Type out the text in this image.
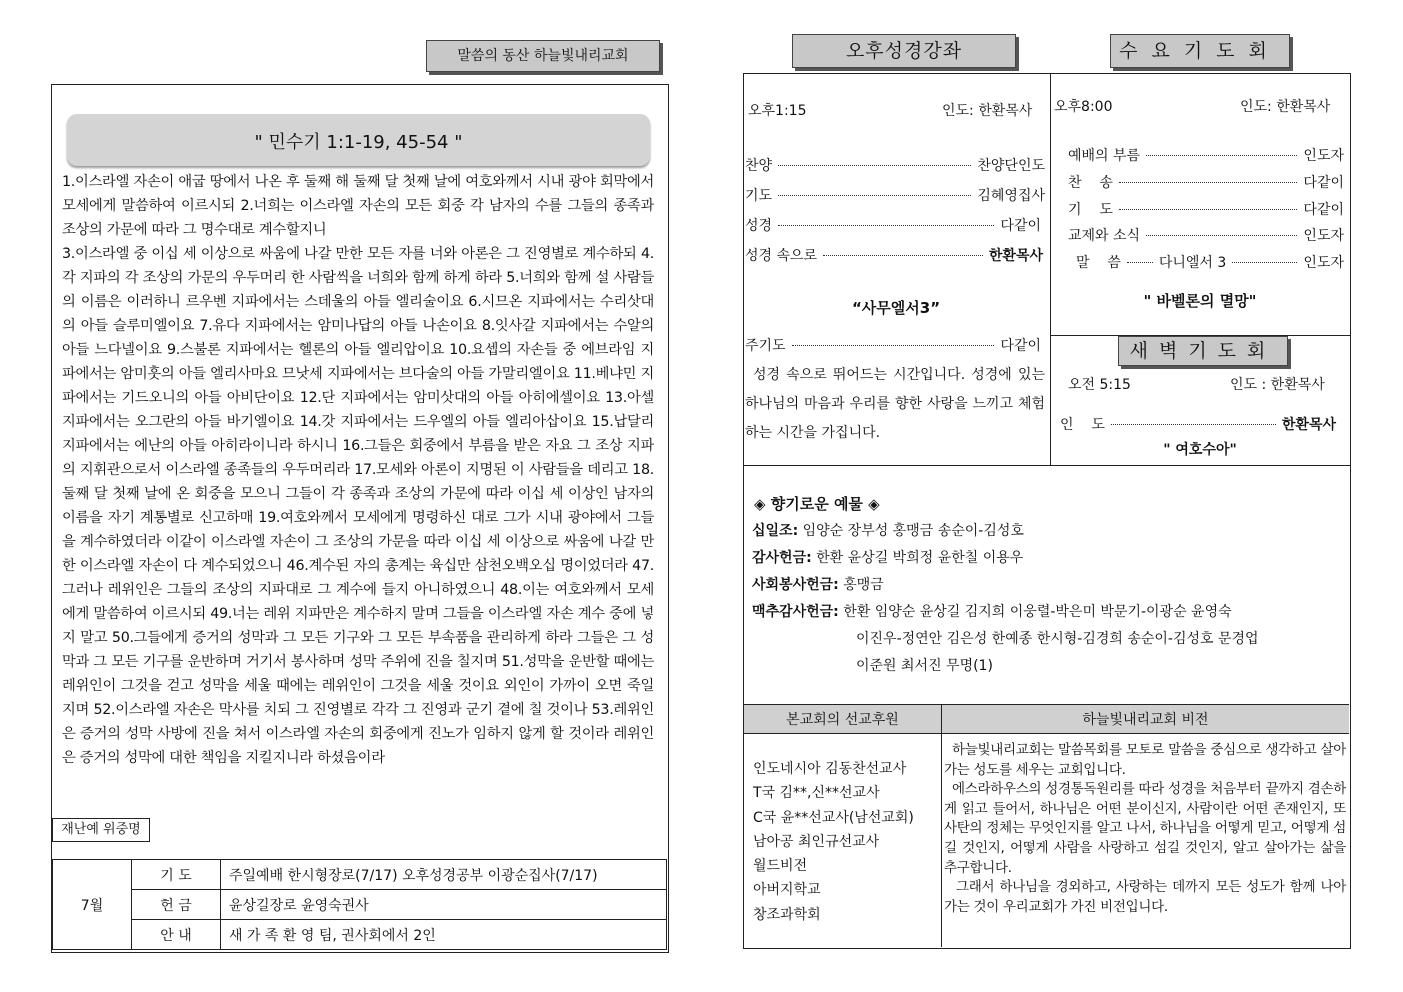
말씀의 동산 하늘빛내리교회
" 민수기 1:1-19, 45-54 "

1.이스라엘 자손이 애굽 땅에서 나온 후 둘째 해 둘째 달 첫째 날에 여호와께서 시내 광야 회막에서 모세에게 말씀하여 이르시되 2.너희는 이스라엘 자손의 모든 회중 각 남자의 수를 그들의 종족과 조상의 가문에 따라 그 명수대로 계수할지니

3.이스라엘 중 이십 세 이상으로 싸움에 나갈 만한 모든 자를 너와 아론은 그 진영별로 계수하되 4.각 지파의 각 조상의 가문의 우두머리 한 사람씩을 너희와 함께 하게 하라 5.너희와 함께 설 사람들의 이름은 이러하니 르우벤 지파에서는 스데울의 아들 엘리술이요 6.시므온 지파에서는 수리삿대의 아들 슬루미엘이요 7.유다 지파에서는 암미나답의 아들 나손이요 8.잇사갈 지파에서는 수알의 아들 느다넬이요 9.스불론 지파에서는 헬론의 아들 엘리압이요 10.요셉의 자손들 중 에브라임 지파에서는 암미훗의 아들 엘리사마요 므낫세 지파에서는 브다술의 아들 가말리엘이요 11.베냐민 지파에서는 기드오니의 아들 아비단이요 12.단 지파에서는 암미삿대의 아들 아히에셀이요 13.아셀 지파에서는 오그란의 아들 바기엘이요 14.갓 지파에서는 드우엘의 아들 엘리아삽이요 15.납달리 지파에서는 에난의 아들 아히라이니라 하시니 16.그들은 회중에서 부름을 받은 자요 그 조상 지파의 지휘관으로서 이스라엘 종족들의 우두머리라 17.모세와 아론이 지명된 이 사람들을 데리고 18.둘째 달 첫째 날에 온 회중을 모으니 그들이 각 종족과 조상의 가문에 따라 이십 세 이상인 남자의 이름을 자기 계통별로 신고하매 19.여호와께서 모세에게 명령하신 대로 그가 시내 광야에서 그들을 계수하였더라 이같이 이스라엘 자손이 그 조상의 가문을 따라 이십 세 이상으로 싸움에 나갈 만한 이스라엘 자손이 다 계수되었으니 46.계수된 자의 총계는 육십만 삼천오백오십 명이었더라 47.그러나 레위인은 그들의 조상의 지파대로 그 계수에 들지 아니하였으니 48.이는 여호와께서 모세에게 말씀하여 이르시되 49.너는 레위 지파만은 계수하지 말며 그들을 이스라엘 자손 계수 중에 넣지 말고 50.그들에게 증거의 성막과 그 모든 기구와 그 모든 부속품을 관리하게 하라 그들은 그 성막과 그 모든 기구를 운반하며 거기서 봉사하며 성막 주위에 진을 칠지며 51.성막을 운반할 때에는 레위인이 그것을 걷고 성막을 세울 때에는 레위인이 그것을 세울 것이요 외인이 가까이 오면 죽일지며 52.이스라엘 자손은 막사를 치되 그 진영별로 각각 그 진영과 군기 곁에 칠 것이나 53.레위인은 증거의 성막 사방에 진을 쳐서 이스라엘 자손의 회중에게 진노가 임하지 않게 할 것이라 레위인은 증거의 성막에 대한 책임을 지킬지니라 하셨음이라

재난예 위중명
7월	기 도	주일예배 한시형장로(7/17) 오후성경공부 이광순집사(7/17)
	헌 금	윤상길장로 윤영숙권사
	안 내	새 가 족 환 영 팀, 권사회에서 2인
오후성경강좌	수요기도회
오후1:15	인도: 한환목사
찬양	찬양단인도
기도	김혜영집사
성경	다같이
성경 속으로	한환목사
“사무엘서3”
주기도	다같이
성경 속으로 뛰어드는 시간입니다. 성경에 있는 하나님의 마음과 우리를 향한 사랑을 느끼고 체험하는 시간을 가집니다.
오후8:00	인도: 한환목사
예배의 부름	인도자
찬    송	다같이
기    도	다같이
교제와 소식	인도자
말    씀	다니엘서 3	인도자
" 바벨론의 멸망"
새벽기도회
오전 5:15	인도 : 한환목사
인    도	한환목사
" 여호수아"
◈ 향기로운 예물 ◈
십일조: 임양순 장부성 홍맹금 송순이-김성호
감사헌금: 한환 윤상길 박희정 윤한칠 이용우
사회봉사헌금: 홍맹금
맥추감사헌금: 한환 임양순 윤상길 김지희 이웅렬-박은미 박문기-이광순 윤영숙
이진우-정연안 김은성 한예종 한시형-김경희 송순이-김성호 문경업
이준원 최서진 무명(1)
본교회의 선교후원	하늘빛내리교회 비전
인도네시아 김동찬선교사
T국 김**,신**선교사
C국 윤**선교사(남선교회)
남아공 최인규선교사
월드비전
아버지학교
창조과학회
하늘빛내리교회는 말씀목회를 모토로 말씀을 중심으로 생각하고 살아가는 성도를 세우는 교회입니다.
에스라하우스의 성경통독원리를 따라 성경을 처음부터 끝까지 겸손하게 읽고 들어서, 하나님은 어떤 분이신지, 사람이란 어떤 존재인지, 또 사탄의 정체는 무엇인지를 알고 나서, 하나님을 어떻게 믿고, 어떻게 섬길 것인지, 어떻게 사람을 사랑하고 섬길 것인지, 알고 살아가는 삶을 추구합니다.
그래서 하나님을 경외하고, 사랑하는 데까지 모든 성도가 함께 나아가는 것이 우리교회가 가진 비전입니다.
